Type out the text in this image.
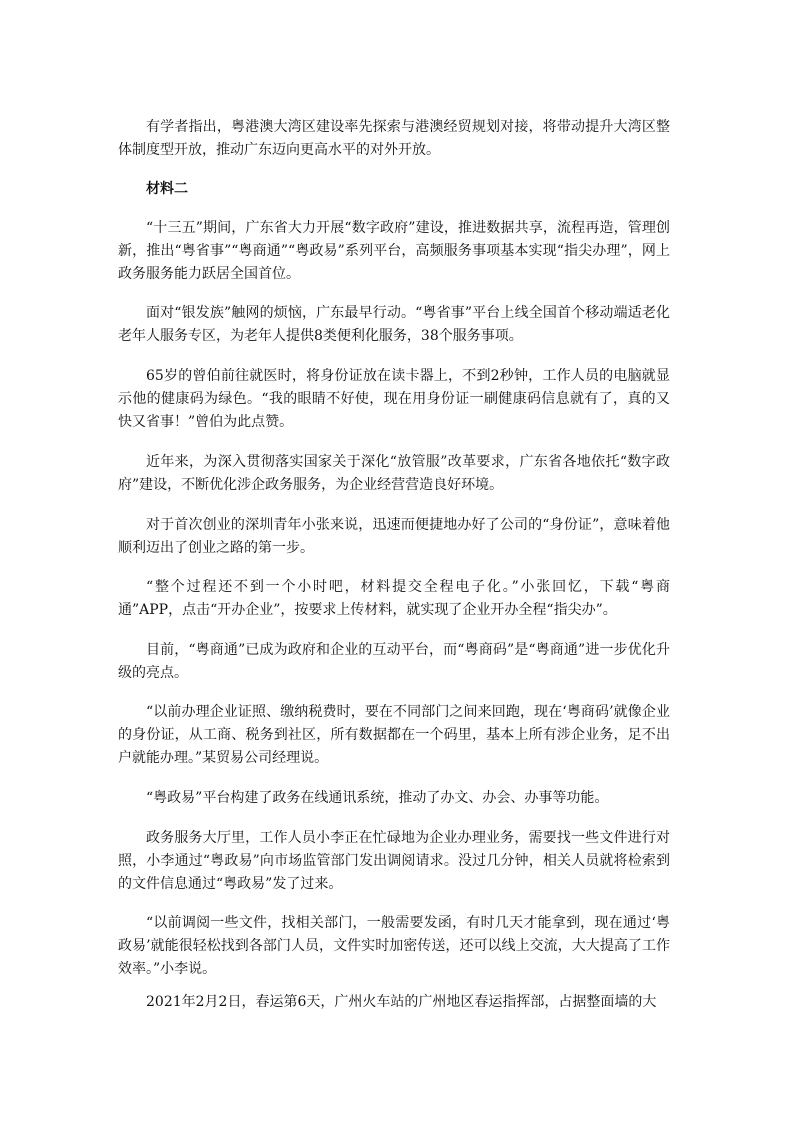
有学者指出，粤港澳大湾区建设率先探索与港澳经贸规划对接，将带动提升大湾区整体制度型开放，推动广东迈向更高水平的对外开放。

材料二

“十三五”期间，广东省大力开展“数字政府”建设，推进数据共享，流程再造，管理创新，推出“粤省事”“粤商通”“粤政易”系列平台，高频服务事项基本实现“指尖办理”，网上政务服务能力跃居全国首位。

面对“银发族”触网的烦恼，广东最早行动。“粤省事”平台上线全国首个移动端适老化老年人服务专区，为老年人提供8类便利化服务，38个服务事项。

65岁的曾伯前往就医时，将身份证放在读卡器上，不到2秒钟，工作人员的电脑就显示他的健康码为绿色。“我的眼睛不好使，现在用身份证一刷健康码信息就有了，真的又快又省事！”曾伯为此点赞。

近年来，为深入贯彻落实国家关于深化“放管服”改革要求，广东省各地依托“数字政府”建设，不断优化涉企政务服务，为企业经营营造良好环境。

对于首次创业的深圳青年小张来说，迅速而便捷地办好了公司的“身份证”，意味着他顺利迈出了创业之路的第一步。

“整个过程还不到一个小时吧，材料提交全程电子化。”小张回忆，下载“粤商通”APP，点击“开办企业”，按要求上传材料，就实现了企业开办全程“指尖办”。

目前，“粤商通”已成为政府和企业的互动平台，而“粤商码”是“粤商通”进一步优化升级的亮点。

“以前办理企业证照、缴纳税费时，要在不同部门之间来回跑，现在‘粤商码’就像企业的身份证，从工商、税务到社区，所有数据都在一个码里，基本上所有涉企业务，足不出户就能办理。”某贸易公司经理说。

“粤政易”平台构建了政务在线通讯系统，推动了办文、办会、办事等功能。

政务服务大厅里，工作人员小李正在忙碌地为企业办理业务，需要找一些文件进行对照，小李通过“粤政易”向市场监管部门发出调阅请求。没过几分钟，相关人员就将检索到的文件信息通过“粤政易”发了过来。

“以前调阅一些文件，找相关部门，一般需要发函，有时几天才能拿到，现在通过‘粤政易’就能很轻松找到各部门人员，文件实时加密传送，还可以线上交流，大大提高了工作效率。”小李说。

2021年2月2日，春运第6天，广州火车站的广州地区春运指挥部，占据整面墙的大
